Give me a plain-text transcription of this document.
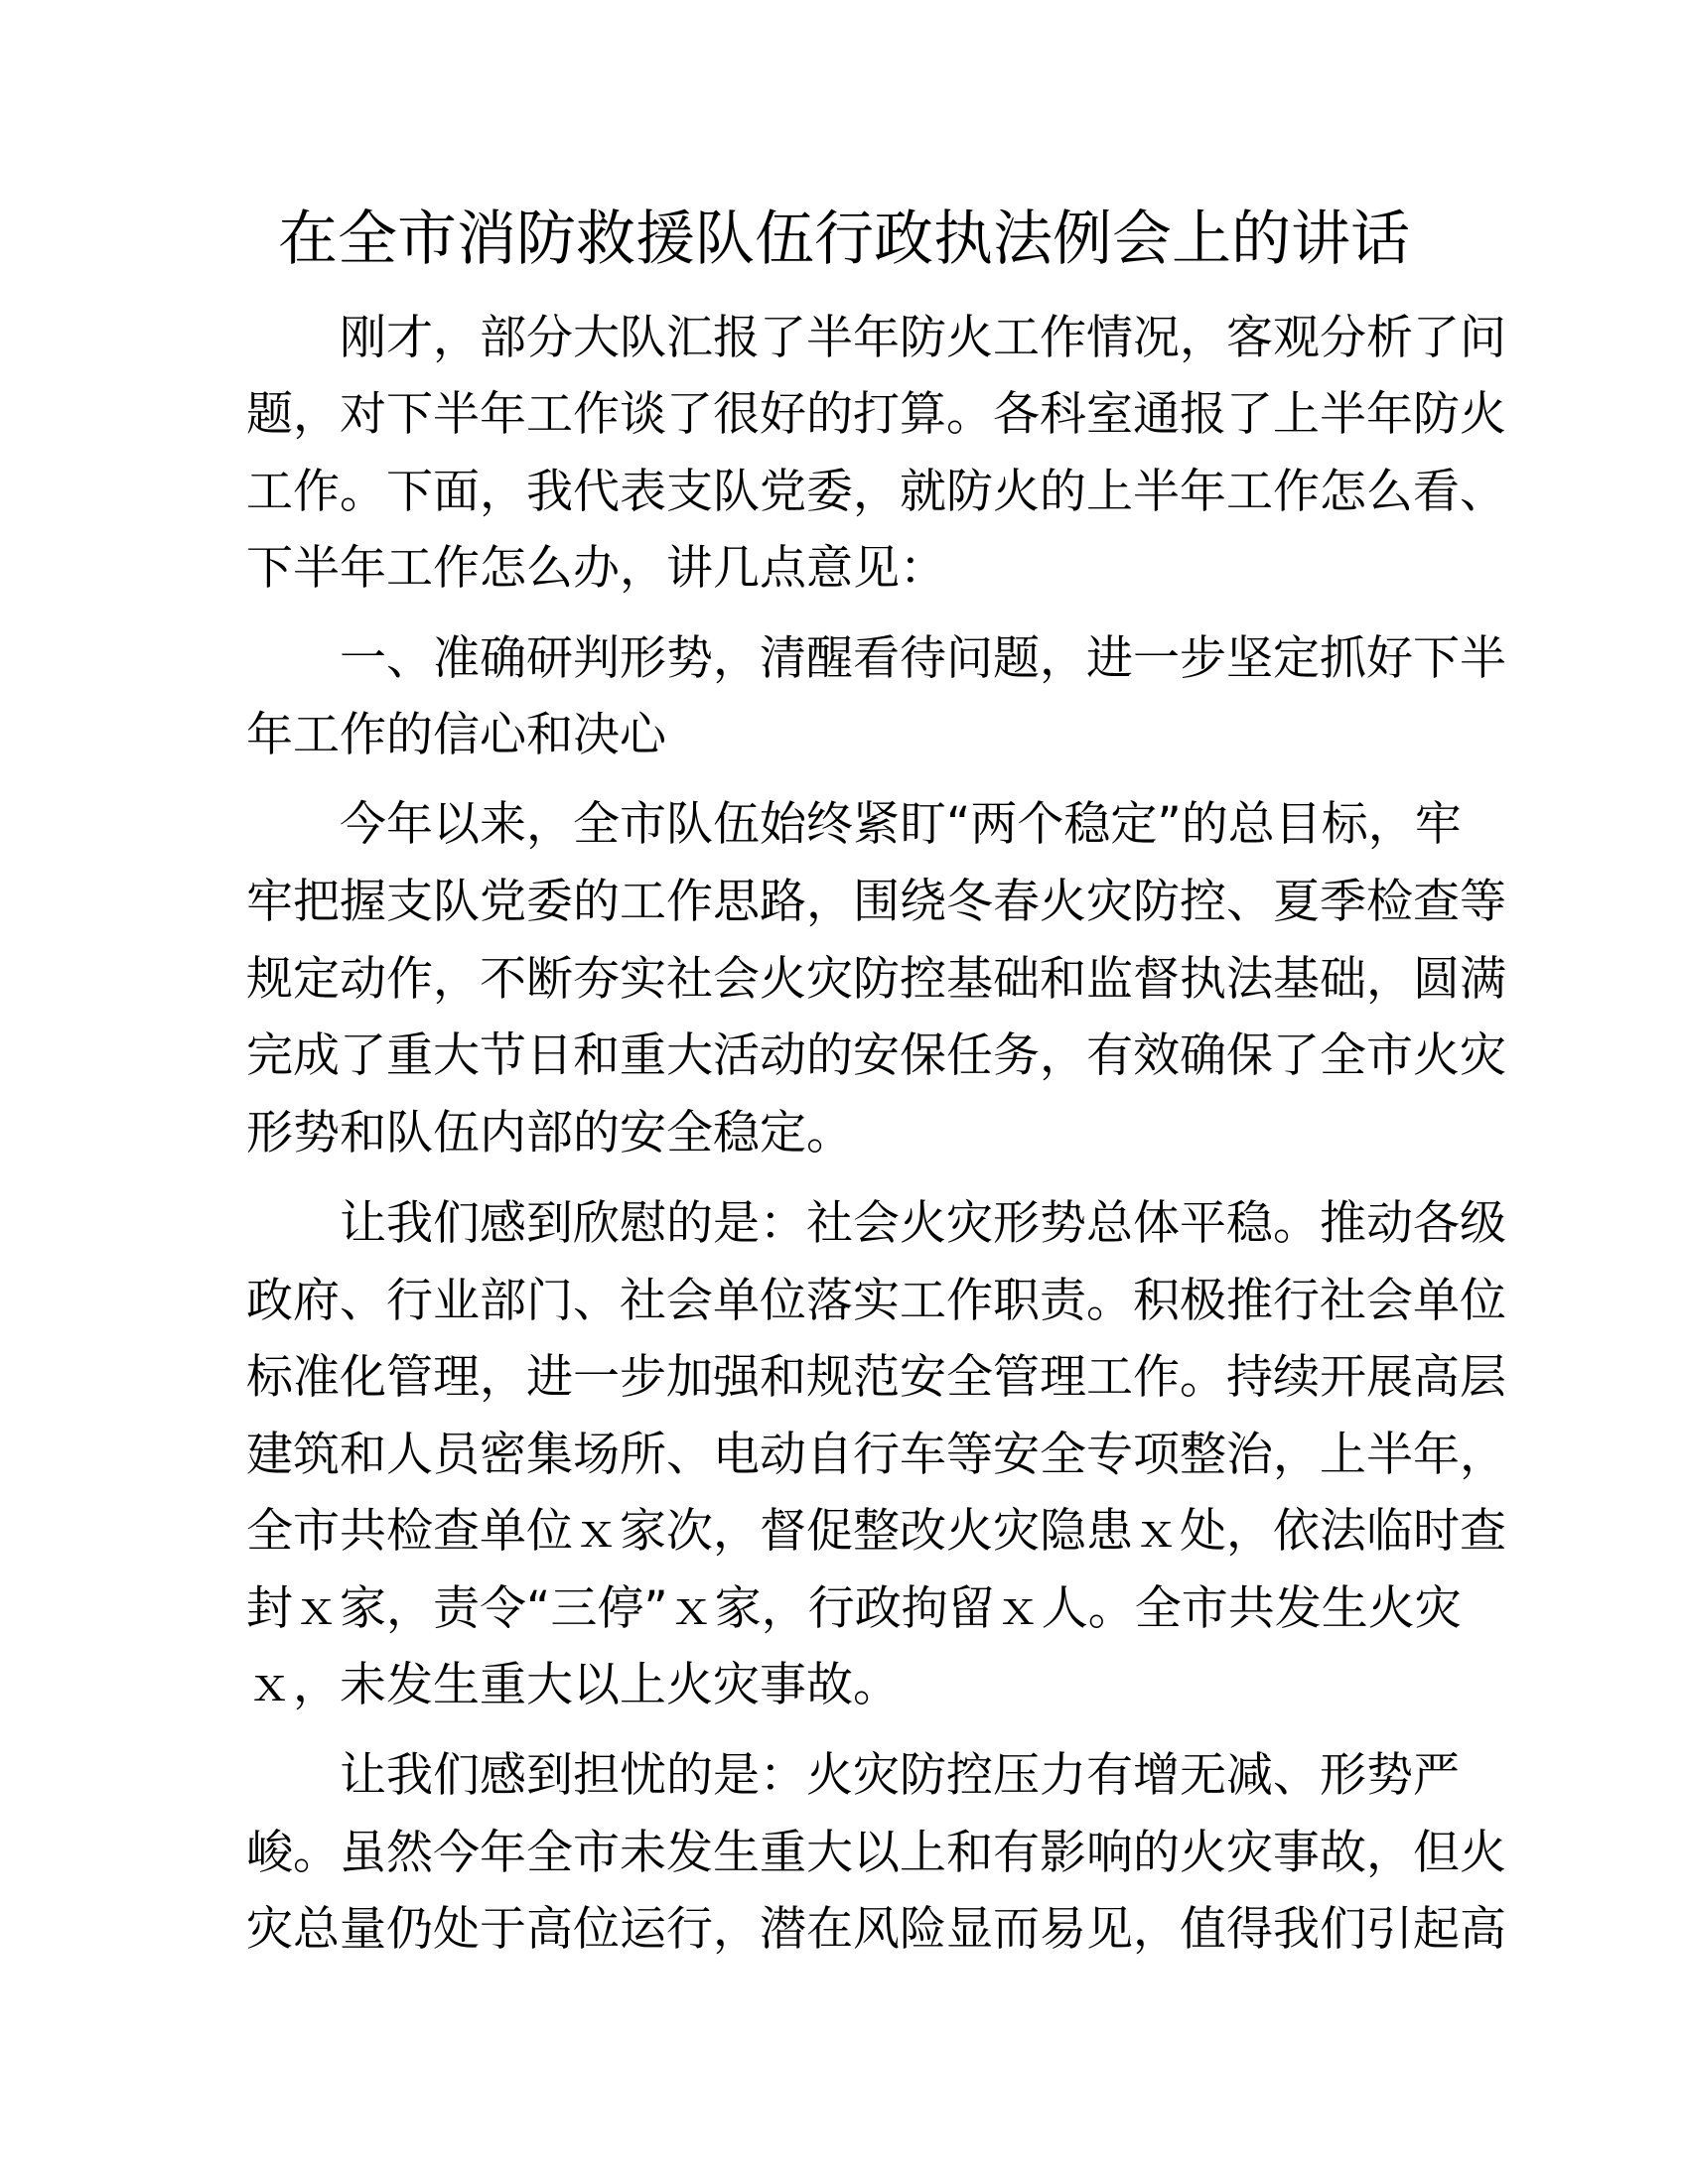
在全市消防救援队伍行政执法例会上的讲话
刚才，部分大队汇报了半年防火工作情况，客观分析了问
题，对下半年工作谈了很好的打算。各科室通报了上半年防火
工作。下面，我代表支队党委，就防火的上半年工作怎么看、
下半年工作怎么办，讲几点意见：
一、准确研判形势，清醒看待问题，进一步坚定抓好下半
年工作的信心和决心
今年以来，全市队伍始终紧盯“两个稳定”的总目标，牢
牢把握支队党委的工作思路，围绕冬春火灾防控、夏季检查等
规定动作，不断夯实社会火灾防控基础和监督执法基础，圆满
完成了重大节日和重大活动的安保任务，有效确保了全市火灾
形势和队伍内部的安全稳定。
让我们感到欣慰的是：社会火灾形势总体平稳。推动各级
政府、行业部门、社会单位落实工作职责。积极推行社会单位
标准化管理，进一步加强和规范安全管理工作。持续开展高层
建筑和人员密集场所、电动自行车等安全专项整治，上半年，
全市共检查单位ｘ家次，督促整改火灾隐患ｘ处，依法临时查
封ｘ家，责令“三停”ｘ家，行政拘留ｘ人。全市共发生火灾
ｘ，未发生重大以上火灾事故。
让我们感到担忧的是：火灾防控压力有增无减、形势严
峻。虽然今年全市未发生重大以上和有影响的火灾事故，但火
灾总量仍处于高位运行，潜在风险显而易见，值得我们引起高
